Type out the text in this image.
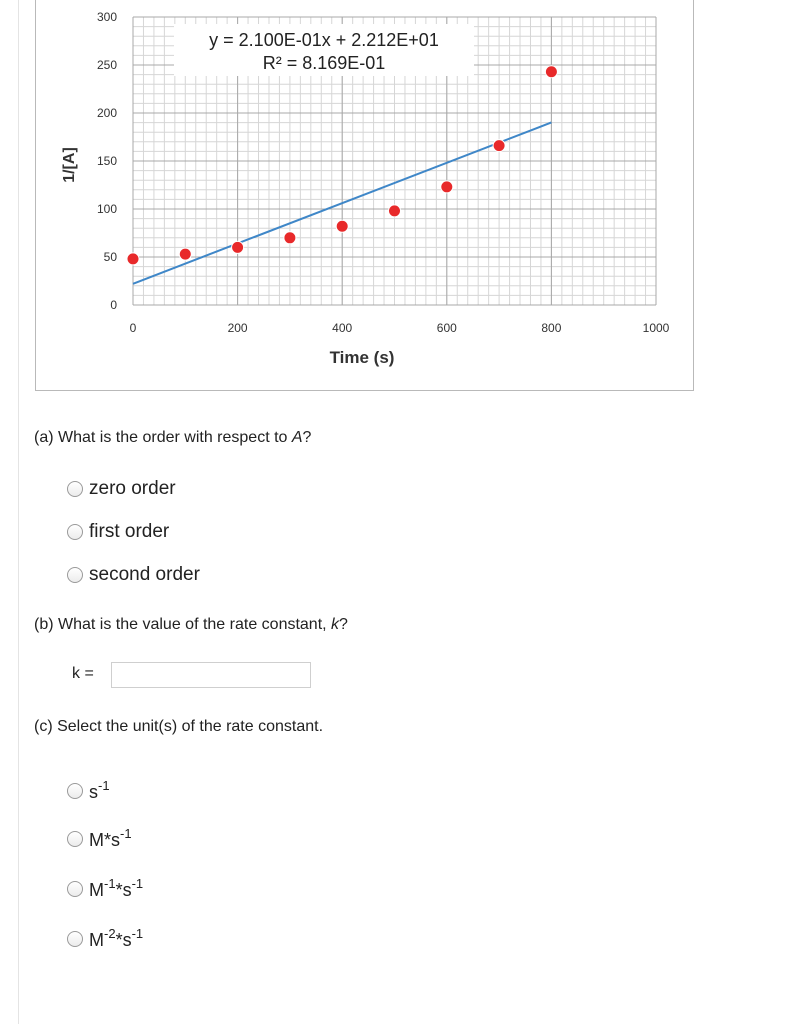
0
50
100
150
200
250
300
0	200	400	600	800	1000
Time (s)
1/[A]
y = 2.100E-01x + 2.212E+01
R² = 8.169E-01
(a) What is the order with respect to A?
zero order
first order
second order
(b) What is the value of the rate constant, k?
k =
(c) Select the unit(s) of the rate constant.
$s^{-1}$
$M*s^{-1}$
$M^{-1}*s^{-1}$
$M^{-2}*s^{-1}$
